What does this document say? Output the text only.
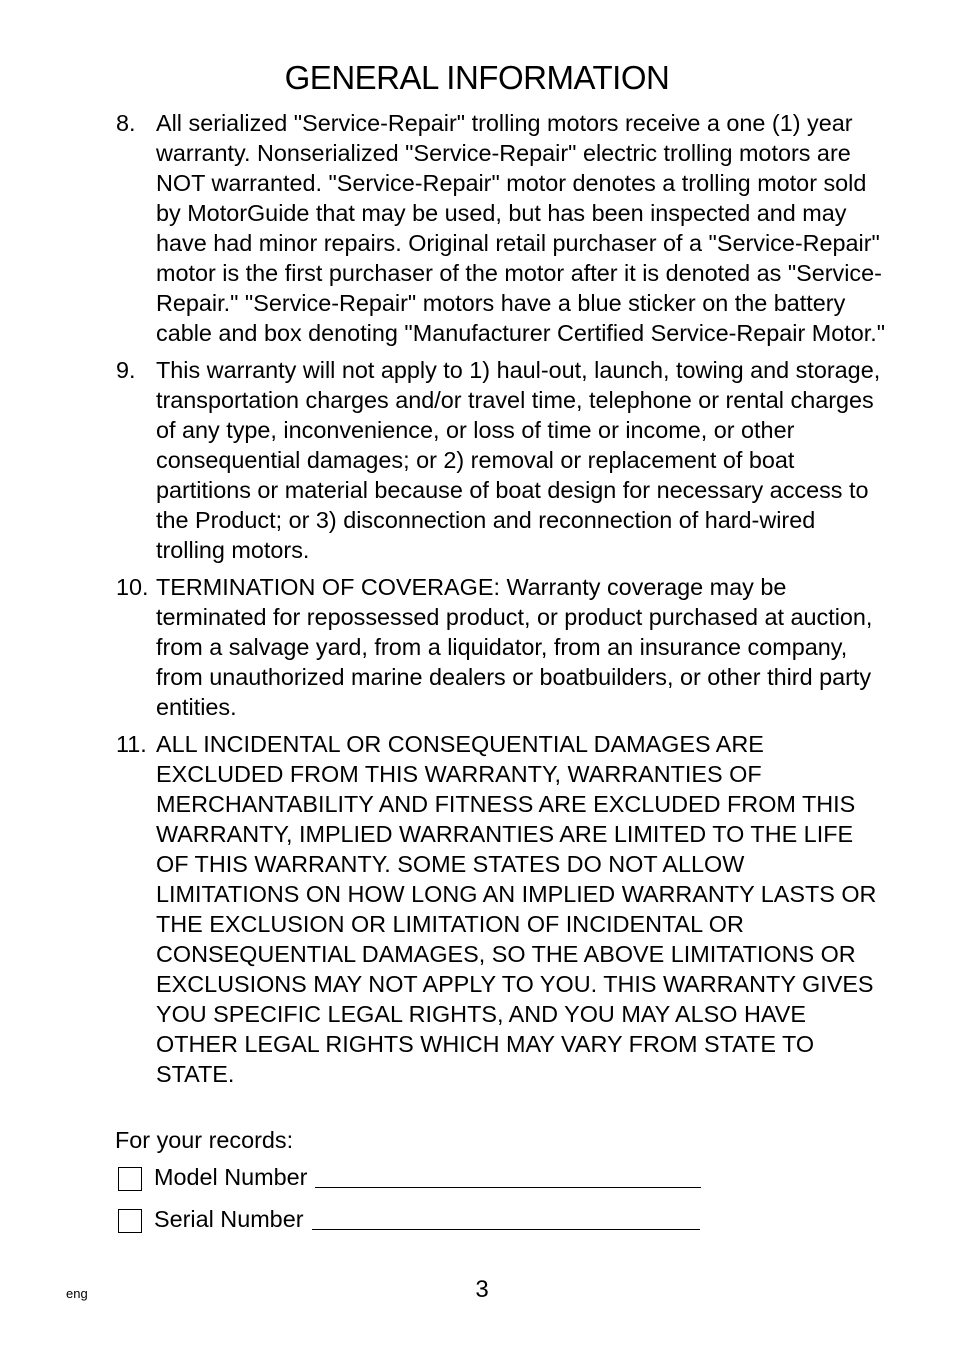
GENERAL INFORMATION
8. All serialized "Service-Repair" trolling motors receive a one (1) year warranty. Nonserialized "Service-Repair" electric trolling motors are NOT warranted. "Service-Repair" motor denotes a trolling motor sold by MotorGuide that may be used, but has been inspected and may have had minor repairs. Original retail purchaser of a "Service-Repair" motor is the first purchaser of the motor after it is denoted as "Service-Repair." "Service-Repair" motors have a blue sticker on the battery cable and box denoting "Manufacturer Certified Service-Repair Motor."
9. This warranty will not apply to 1) haul-out, launch, towing and storage, transportation charges and/or travel time, telephone or rental charges of any type, inconvenience, or loss of time or income, or other consequential damages; or 2) removal or replacement of boat partitions or material because of boat design for necessary access to the Product; or 3) disconnection and reconnection of hard-wired trolling motors.
10. TERMINATION OF COVERAGE: Warranty coverage may be terminated for repossessed product, or product purchased at auction, from a salvage yard, from a liquidator, from an insurance company, from unauthorized marine dealers or boatbuilders, or other third party entities.
11. ALL INCIDENTAL OR CONSEQUENTIAL DAMAGES ARE EXCLUDED FROM THIS WARRANTY, WARRANTIES OF MERCHANTABILITY AND FITNESS ARE EXCLUDED FROM THIS WARRANTY, IMPLIED WARRANTIES ARE LIMITED TO THE LIFE OF THIS WARRANTY. SOME STATES DO NOT ALLOW LIMITATIONS ON HOW LONG AN IMPLIED WARRANTY LASTS OR THE EXCLUSION OR LIMITATION OF INCIDENTAL OR CONSEQUENTIAL DAMAGES, SO THE ABOVE LIMITATIONS OR EXCLUSIONS MAY NOT APPLY TO YOU. THIS WARRANTY GIVES YOU SPECIFIC LEGAL RIGHTS, AND YOU MAY ALSO HAVE OTHER LEGAL RIGHTS WHICH MAY VARY FROM STATE TO STATE.
For your records:
Model Number
Serial Number
eng	3
